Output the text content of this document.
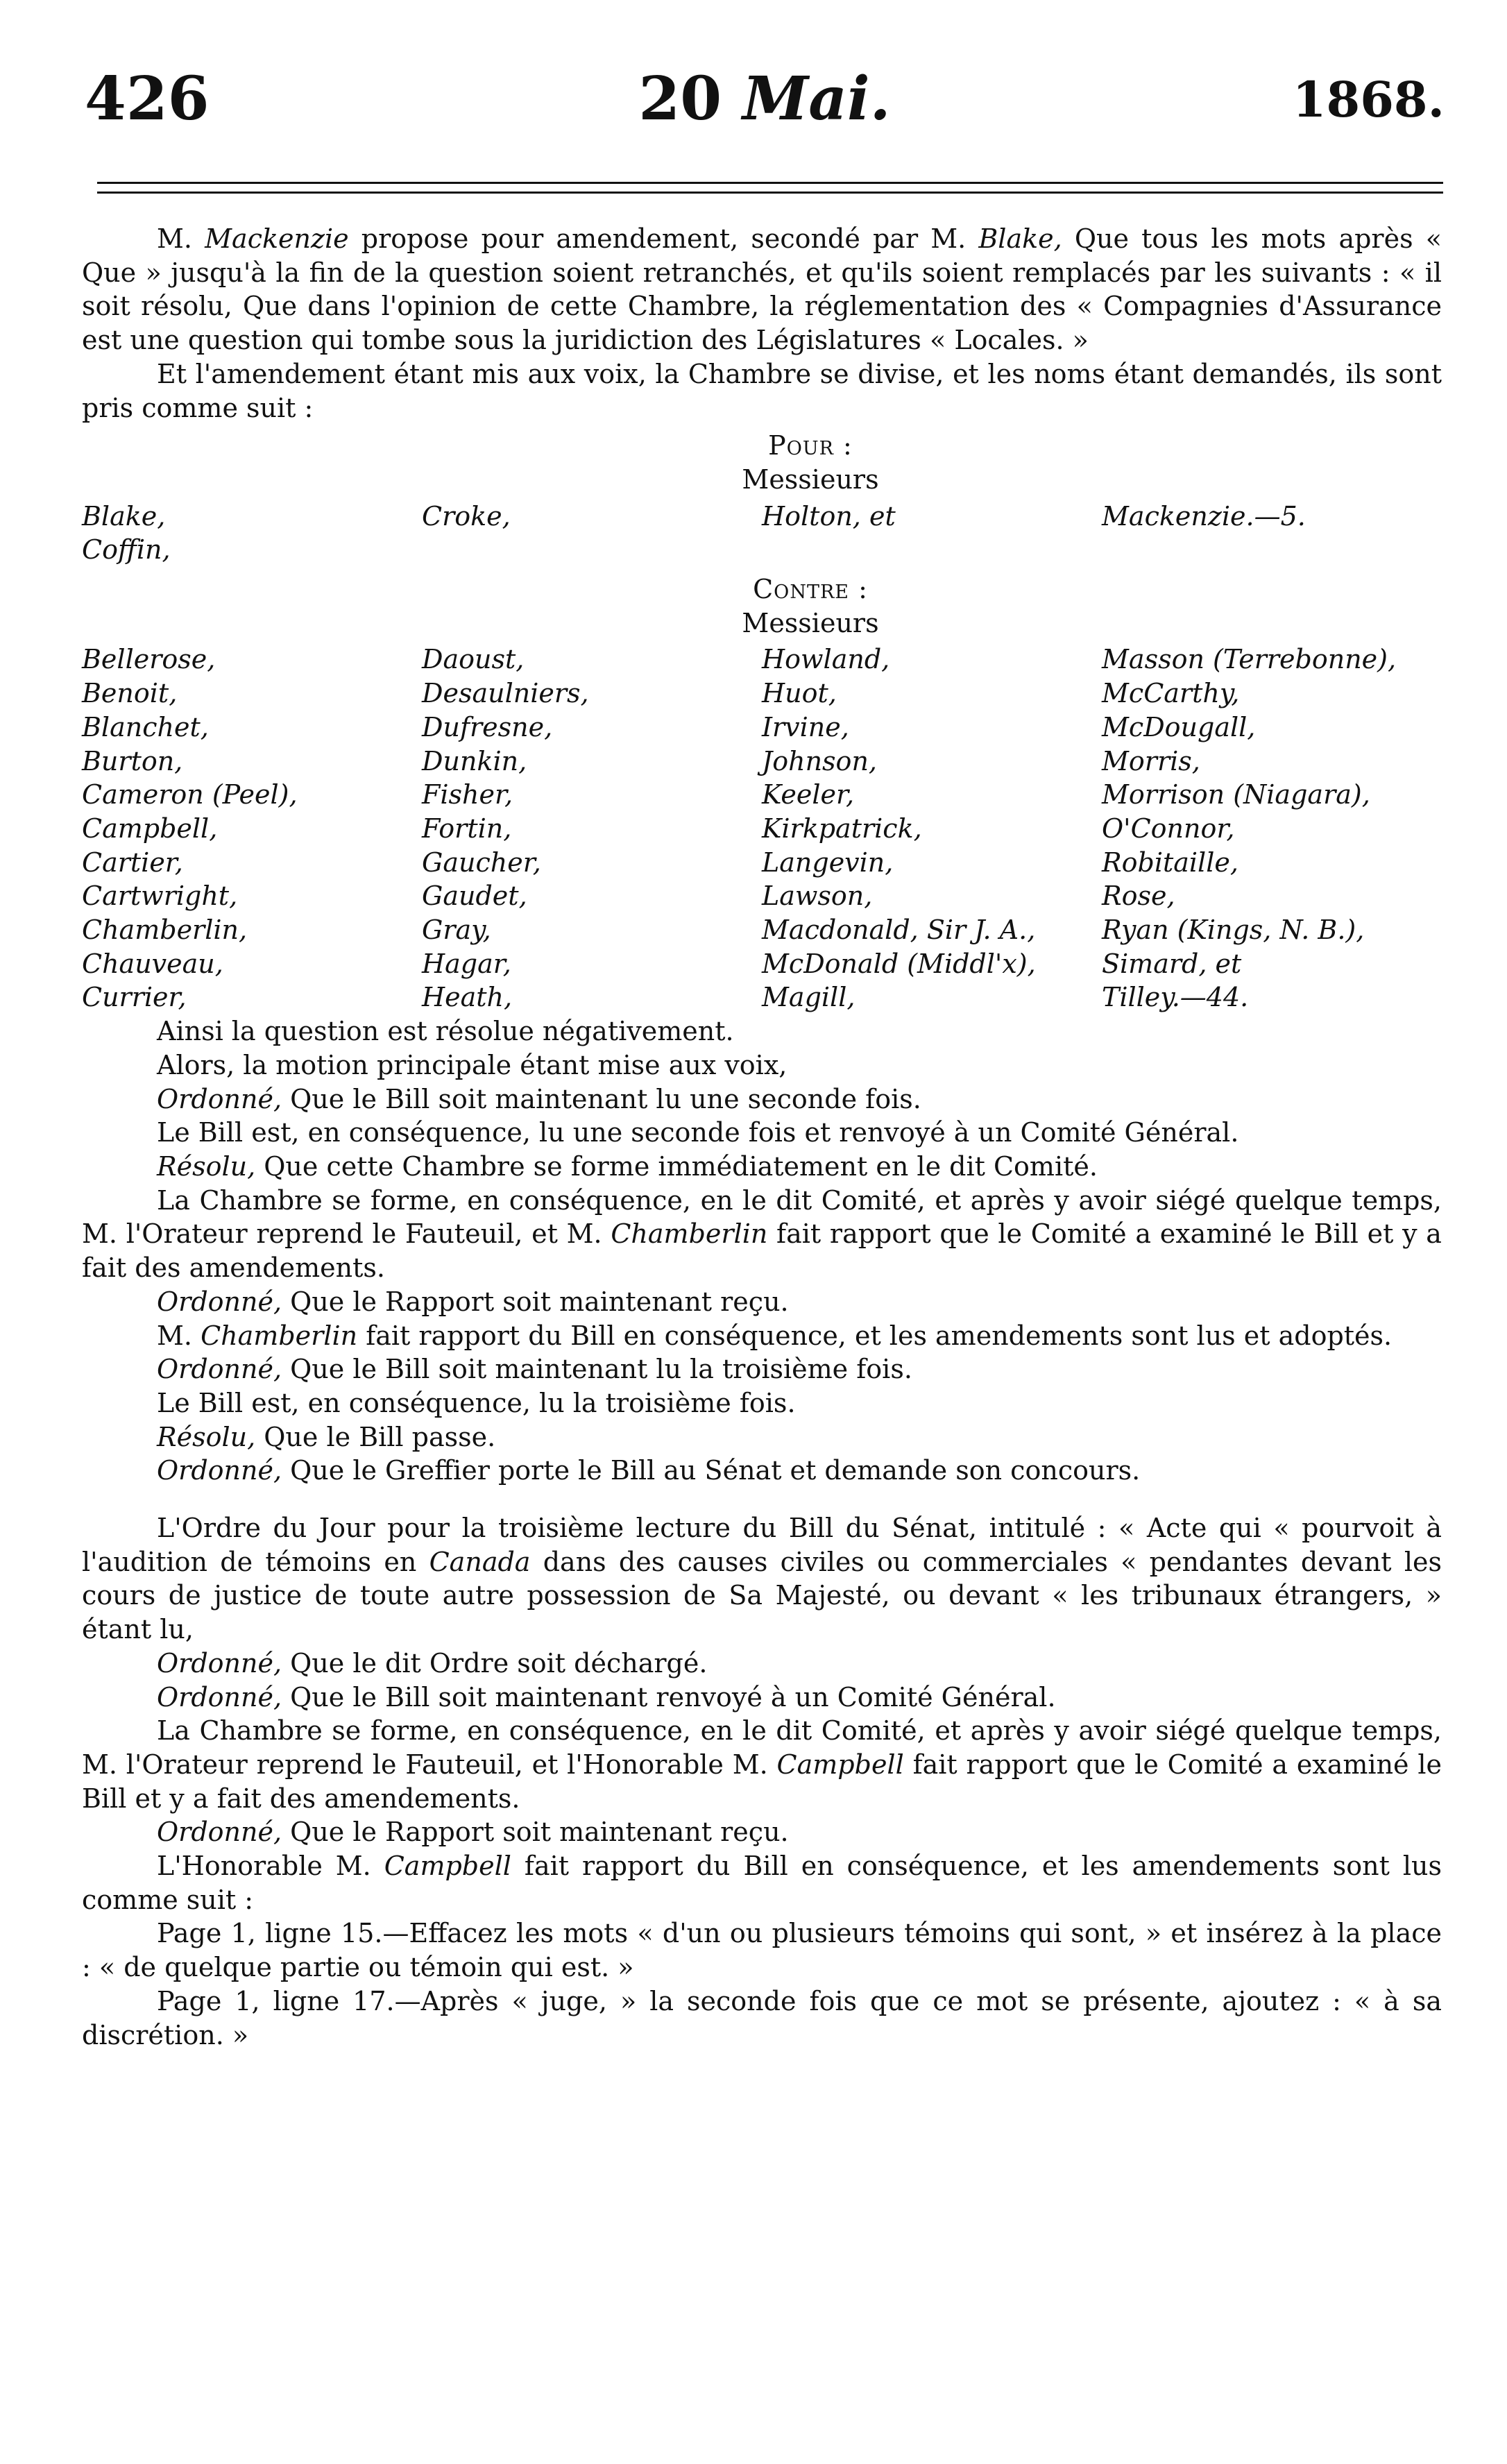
426	20 Mai.	1868.

M. Mackenzie propose pour amendement, secondé par M. Blake, Que tous les mots après « Que » jusqu'à la fin de la question soient retranchés, et qu'ils soient remplacés par les suivants : « il soit résolu, Que dans l'opinion de cette Chambre, la réglementation des « Compagnies d'Assurance est une question qui tombe sous la juridiction des Législatures « Locales. »

Et l'amendement étant mis aux voix, la Chambre se divise, et les noms étant demandés, ils sont pris comme suit :

Pour :

Messieurs

Blake,	Croke,	Holton, et	Mackenzie.—5.
Coffin,

Contre :

Messieurs

Bellerose,	Daoust,	Howland,	Masson (Terrebonne),
Benoit,	Desaulniers,	Huot,	McCarthy,
Blanchet,	Dufresne,	Irvine,	McDougall,
Burton,	Dunkin,	Johnson,	Morris,
Cameron (Peel),	Fisher,	Keeler,	Morrison (Niagara),
Campbell,	Fortin,	Kirkpatrick,	O'Connor,
Cartier,	Gaucher,	Langevin,	Robitaille,
Cartwright,	Gaudet,	Lawson,	Rose,
Chamberlin,	Gray,	Macdonald, Sir J. A.,	Ryan (Kings, N. B.),
Chauveau,	Hagar,	McDonald (Middl'x),	Simard, et
Currier,	Heath,	Magill,	Tilley.—44.

Ainsi la question est résolue négativement.

Alors, la motion principale étant mise aux voix,

Ordonné, Que le Bill soit maintenant lu une seconde fois.

Le Bill est, en conséquence, lu une seconde fois et renvoyé à un Comité Général.

Résolu, Que cette Chambre se forme immédiatement en le dit Comité.

La Chambre se forme, en conséquence, en le dit Comité, et après y avoir siégé quelque temps, M. l'Orateur reprend le Fauteuil, et M. Chamberlin fait rapport que le Comité a examiné le Bill et y a fait des amendements.

Ordonné, Que le Rapport soit maintenant reçu.

M. Chamberlin fait rapport du Bill en conséquence, et les amendements sont lus et adoptés.

Ordonné, Que le Bill soit maintenant lu la troisième fois.

Le Bill est, en conséquence, lu la troisième fois.

Résolu, Que le Bill passe.

Ordonné, Que le Greffier porte le Bill au Sénat et demande son concours.

L'Ordre du Jour pour la troisième lecture du Bill du Sénat, intitulé : « Acte qui « pourvoit à l'audition de témoins en Canada dans des causes civiles ou commerciales « pendantes devant les cours de justice de toute autre possession de Sa Majesté, ou devant « les tribunaux étrangers, » étant lu,

Ordonné, Que le dit Ordre soit déchargé.

Ordonné, Que le Bill soit maintenant renvoyé à un Comité Général.

La Chambre se forme, en conséquence, en le dit Comité, et après y avoir siégé quelque temps, M. l'Orateur reprend le Fauteuil, et l'Honorable M. Campbell fait rapport que le Comité a examiné le Bill et y a fait des amendements.

Ordonné, Que le Rapport soit maintenant reçu.

L'Honorable M. Campbell fait rapport du Bill en conséquence, et les amendements sont lus comme suit :

Page 1, ligne 15.—Effacez les mots « d'un ou plusieurs témoins qui sont, » et insérez à la place : « de quelque partie ou témoin qui est. »

Page 1, ligne 17.—Après « juge, » la seconde fois que ce mot se présente, ajoutez : « à sa discrétion. »
